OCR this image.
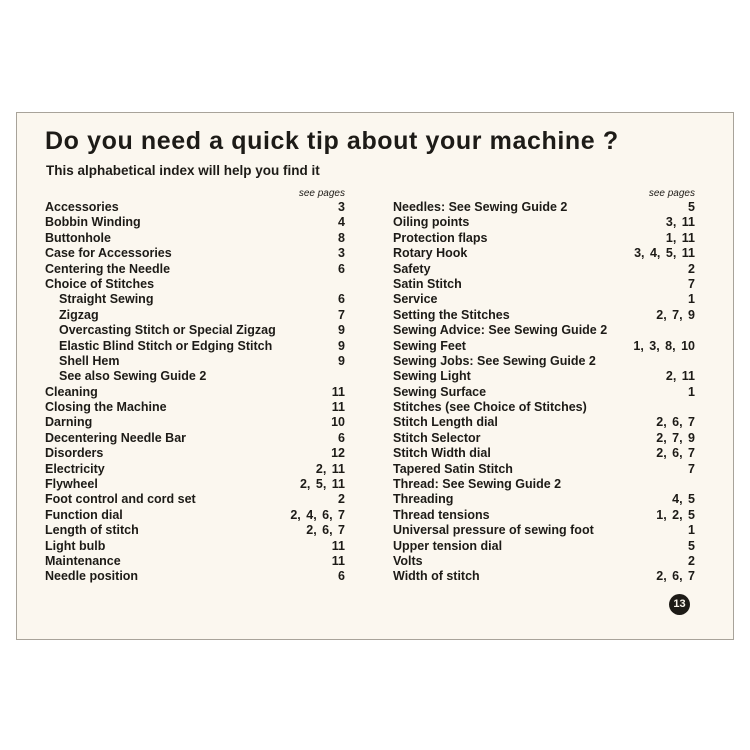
Do you need a quick tip about your machine ?

This alphabetical index will help you find it

see pages
Accessories	3
Bobbin Winding	4
Buttonhole	8
Case for Accessories	3
Centering the Needle	6
Choice of Stitches
Straight Sewing	6
Zigzag	7
Overcasting Stitch or Special Zigzag	9
Elastic Blind Stitch or Edging Stitch	9
Shell Hem	9
See also Sewing Guide 2
Cleaning	11
Closing the Machine	11
Darning	10
Decentering Needle Bar	6
Disorders	12
Electricity	2, 11
Flywheel	2, 5, 11
Foot control and cord set	2
Function dial	2, 4, 6, 7
Length of stitch	2, 6, 7
Light bulb	11
Maintenance	11
Needle position	6
see pages
Needles: See Sewing Guide 2	5
Oiling points	3, 11
Protection flaps	1, 11
Rotary Hook	3, 4, 5, 11
Safety	2
Satin Stitch	7
Service	1
Setting the Stitches	2, 7, 9
Sewing Advice: See Sewing Guide 2
Sewing Feet	1, 3, 8, 10
Sewing Jobs: See Sewing Guide 2
Sewing Light	2, 11
Sewing Surface	1
Stitches (see Choice of Stitches)
Stitch Length dial	2, 6, 7
Stitch Selector	2, 7, 9
Stitch Width dial	2, 6, 7
Tapered Satin Stitch	7
Thread: See Sewing Guide 2
Threading	4, 5
Thread tensions	1, 2, 5
Universal pressure of sewing foot	1
Upper tension dial	5
Volts	2
Width of stitch	2, 6, 7
13
